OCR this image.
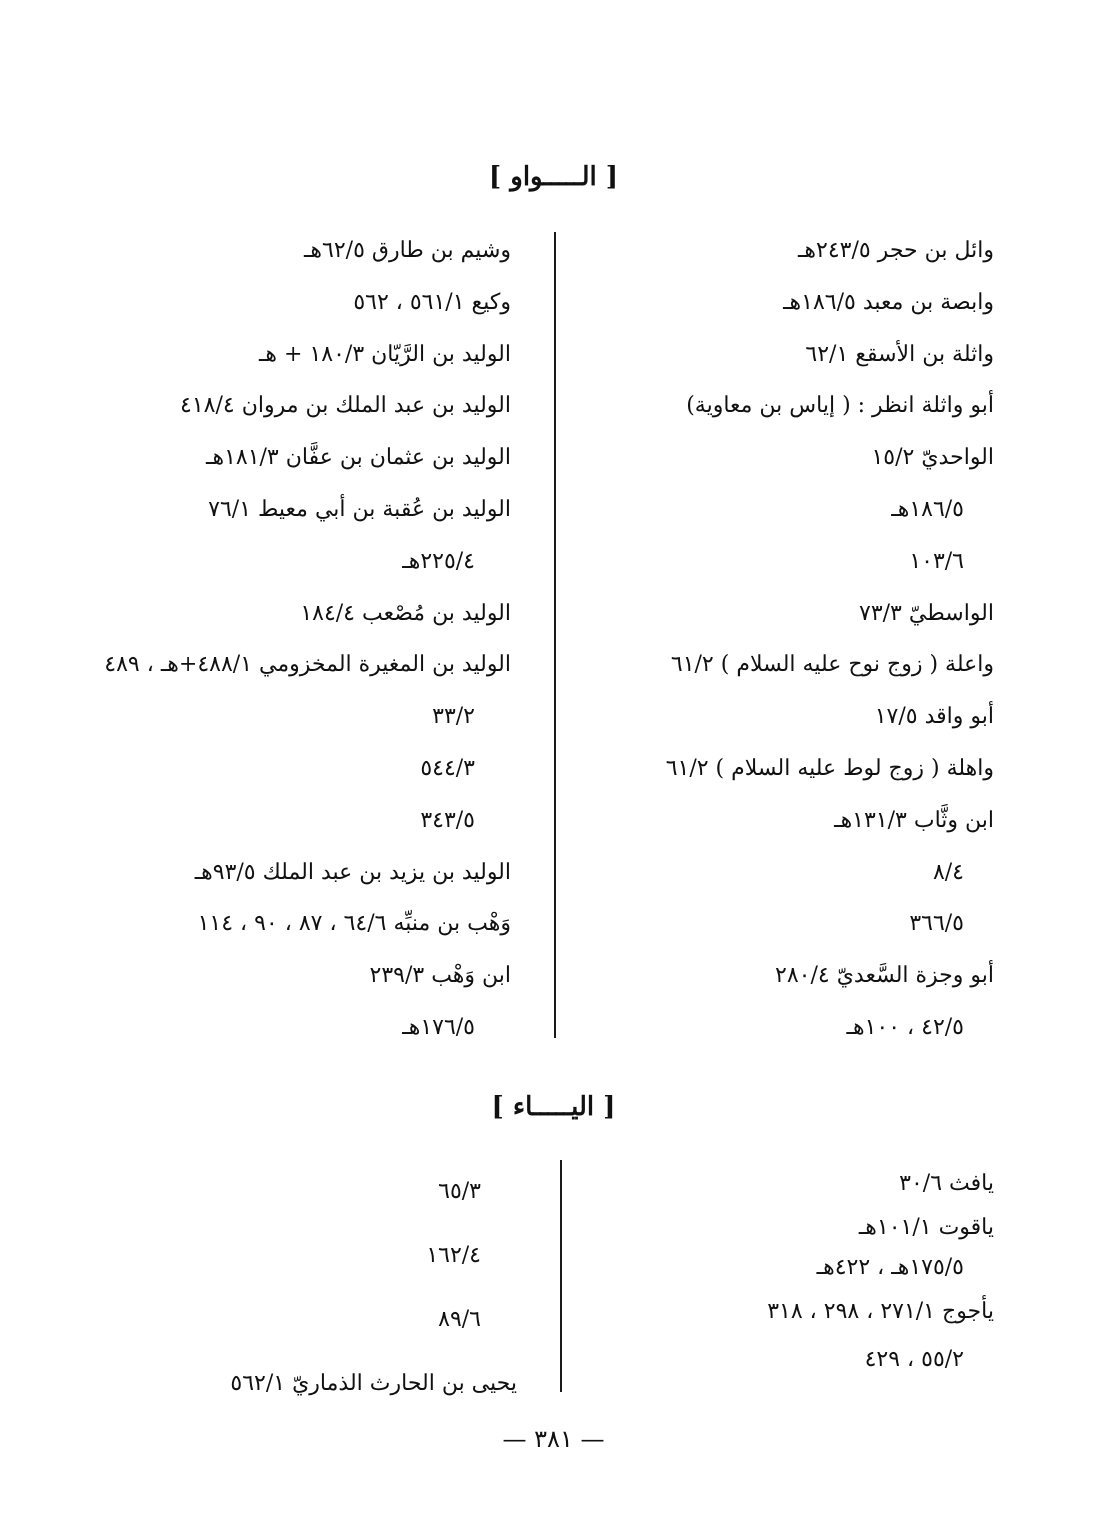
[ الـــــواو ]
وائل بن حجر ٢٤٣/٥هـ
وابصة بن معبد ١٨٦/٥هـ
واثلة بن الأسقع ٦٢/١
أبو واثلة انظر : ( إياس بن معاوية)
الواحديّ ١٥/٢
١٨٦/٥هـ
١٠٣/٦
الواسطيّ ٧٣/٣
واعلة ( زوج نوح عليه السلام ) ٦١/٢
أبو واقد ١٧/٥
واهلة ( زوج لوط عليه السلام ) ٦١/٢
ابن وثَّاب ١٣١/٣هـ
٨/٤
٣٦٦/٥
أبو وجزة السَّعديّ ٢٨٠/٤
٤٢/٥ ، ١٠٠هـ
وشيم بن طارق ٦٢/٥هـ
وكيع ٥٦١/١ ، ٥٦٢
الوليد بن الرَّيّان ١٨٠/٣ + هـ
الوليد بن عبد الملك بن مروان ٤١٨/٤
الوليد بن عثمان بن عفَّان ١٨١/٣هـ
الوليد بن عُقبة بن أبي معيط ٧٦/١
٢٢٥/٤هـ
الوليد بن مُصْعب ١٨٤/٤
الوليد بن المغيرة المخزومي ٤٨٨/١+هـ ، ٤٨٩
٣٣/٢
٥٤٤/٣
٣٤٣/٥
الوليد بن يزيد بن عبد الملك ٩٣/٥هـ
وَهْب بن منبِّه ٦٤/٦ ، ٨٧ ، ٩٠ ، ١١٤
ابن وَهْب ٢٣٩/٣
١٧٦/٥هـ
[ اليـــــاء ]
يافث ٣٠/٦
ياقوت ١٠١/١هـ
١٧٥/٥هـ ، ٤٢٢هـ
يأجوج ٢٧١/١ ، ٢٩٨ ، ٣١٨
٥٥/٢ ، ٤٢٩
٦٥/٣
١٦٢/٤
٨٩/٦
يحيى بن الحارث الذماريّ ٥٦٢/١
— ٣٨١ —
